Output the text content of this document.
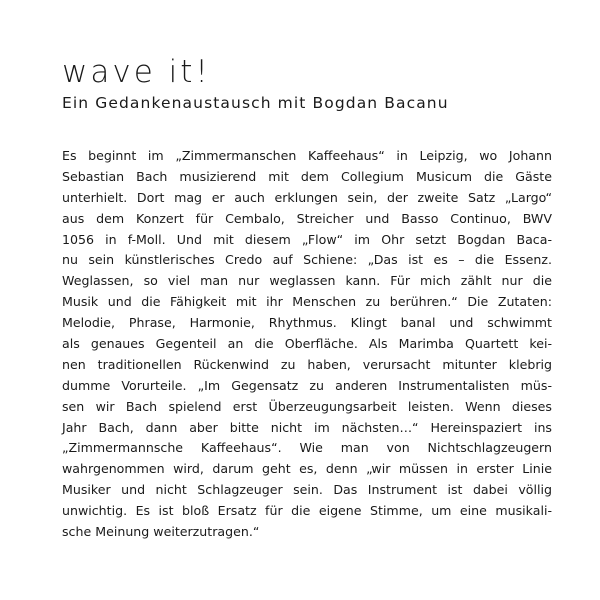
wave it!
Ein Gedankenaustausch mit Bogdan Bacanu
Es beginnt im „Zimmermanschen Kaffeehaus“ in Leipzig, wo Johann
Sebastian Bach musizierend mit dem Collegium Musicum die Gäste
unterhielt. Dort mag er auch erklungen sein, der zweite Satz „Largo“
aus dem Konzert für Cembalo, Streicher und Basso Continuo, BWV
1056 in f-Moll. Und mit diesem „Flow“ im Ohr setzt Bogdan Baca-
nu sein künstlerisches Credo auf Schiene: „Das ist es – die Essenz.
Weglassen, so viel man nur weglassen kann. Für mich zählt nur die
Musik und die Fähigkeit mit ihr Menschen zu berühren.“ Die Zutaten:
Melodie, Phrase, Harmonie, Rhythmus. Klingt banal und schwimmt
als genaues Gegenteil an die Oberfläche. Als Marimba Quartett kei-
nen traditionellen Rückenwind zu haben, verursacht mitunter klebrig
dumme Vorurteile. „Im Gegensatz zu anderen Instrumentalisten müs-
sen wir Bach spielend erst Überzeugungsarbeit leisten. Wenn dieses
Jahr Bach, dann aber bitte nicht im nächsten…“ Hereinspaziert ins
„Zimmermannsche Kaffeehaus“. Wie man von Nichtschlagzeugern
wahrgenommen wird, darum geht es, denn „wir müssen in erster Linie
Musiker und nicht Schlagzeuger sein. Das Instrument ist dabei völlig
unwichtig. Es ist bloß Ersatz für die eigene Stimme, um eine musikali-
sche Meinung weiterzutragen.“
